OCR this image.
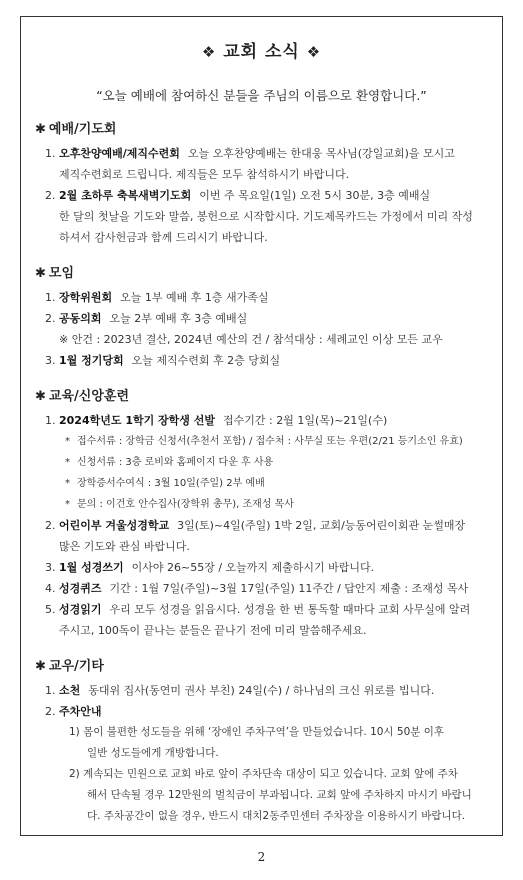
❖ 교회 소식 ❖
“오늘 예배에 참여하신 분들을 주님의 이름으로 환영합니다.”
✱ 예배/기도회
1. 오후찬양예배/제직수련회 오늘 오후찬양예배는 한대웅 목사님(강일교회)을 모시고
제직수련회로 드립니다. 제직들은 모두 참석하시기 바랍니다.
2. 2월 초하루 축복새벽기도회 이번 주 목요일(1일) 오전 5시 30분, 3층 예배실
한 달의 첫날을 기도와 말씀, 봉헌으로 시작합시다. 기도제목카드는 가정에서 미리 작성
하셔서 감사헌금과 함께 드리시기 바랍니다.
✱ 모임
1. 장학위원회 오늘 1부 예배 후 1층 새가족실
2. 공동의회 오늘 2부 예배 후 3층 예배실
※ 안건 : 2023년 결산, 2024년 예산의 건 / 참석대상 : 세례교인 이상 모든 교우
3. 1월 정기당회 오늘 제직수련회 후 2층 당회실
✱ 교육/신앙훈련
1. 2024학년도 1학기 장학생 선발 접수기간 : 2월 1일(목)~21일(수)
* 접수서류 : 장학금 신청서(추천서 포함) / 접수처 : 사무실 또는 우편(2/21 등기소인 유효)
* 신청서류 : 3층 로비와 홈페이지 다운 후 사용
* 장학증서수여식 : 3월 10일(주일) 2부 예배
* 문의 : 이건호 안수집사(장학위 총무), 조재성 목사
2. 어린이부 겨울성경학교 3일(토)~4일(주일) 1박 2일, 교회/능동어린이회관 눈썰매장
많은 기도와 관심 바랍니다.
3. 1월 성경쓰기 이사야 26~55장 / 오늘까지 제출하시기 바랍니다.
4. 성경퀴즈 기간 : 1월 7일(주일)~3월 17일(주일) 11주간 / 답안지 제출 : 조재성 목사
5. 성경읽기 우리 모두 성경을 읽읍시다. 성경을 한 번 통독할 때마다 교회 사무실에 알려
주시고, 100독이 끝나는 분들은 끝나기 전에 미리 말씀해주세요.
✱ 교우/기타
1. 소천 동대위 집사(동연미 권사 부친) 24일(수) / 하나님의 크신 위로를 빕니다.
2. 주차안내
1) 몸이 불편한 성도들을 위해 ‘장애인 주차구역’을 만들었습니다. 10시 50분 이후
일반 성도들에게 개방합니다.
2) 계속되는 민원으로 교회 바로 앞이 주차단속 대상이 되고 있습니다. 교회 앞에 주차
해서 단속될 경우 12만원의 벌칙금이 부과됩니다. 교회 앞에 주차하지 마시기 바랍니
다. 주차공간이 없을 경우, 반드시 대치2동주민센터 주차장을 이용하시기 바랍니다.
2
